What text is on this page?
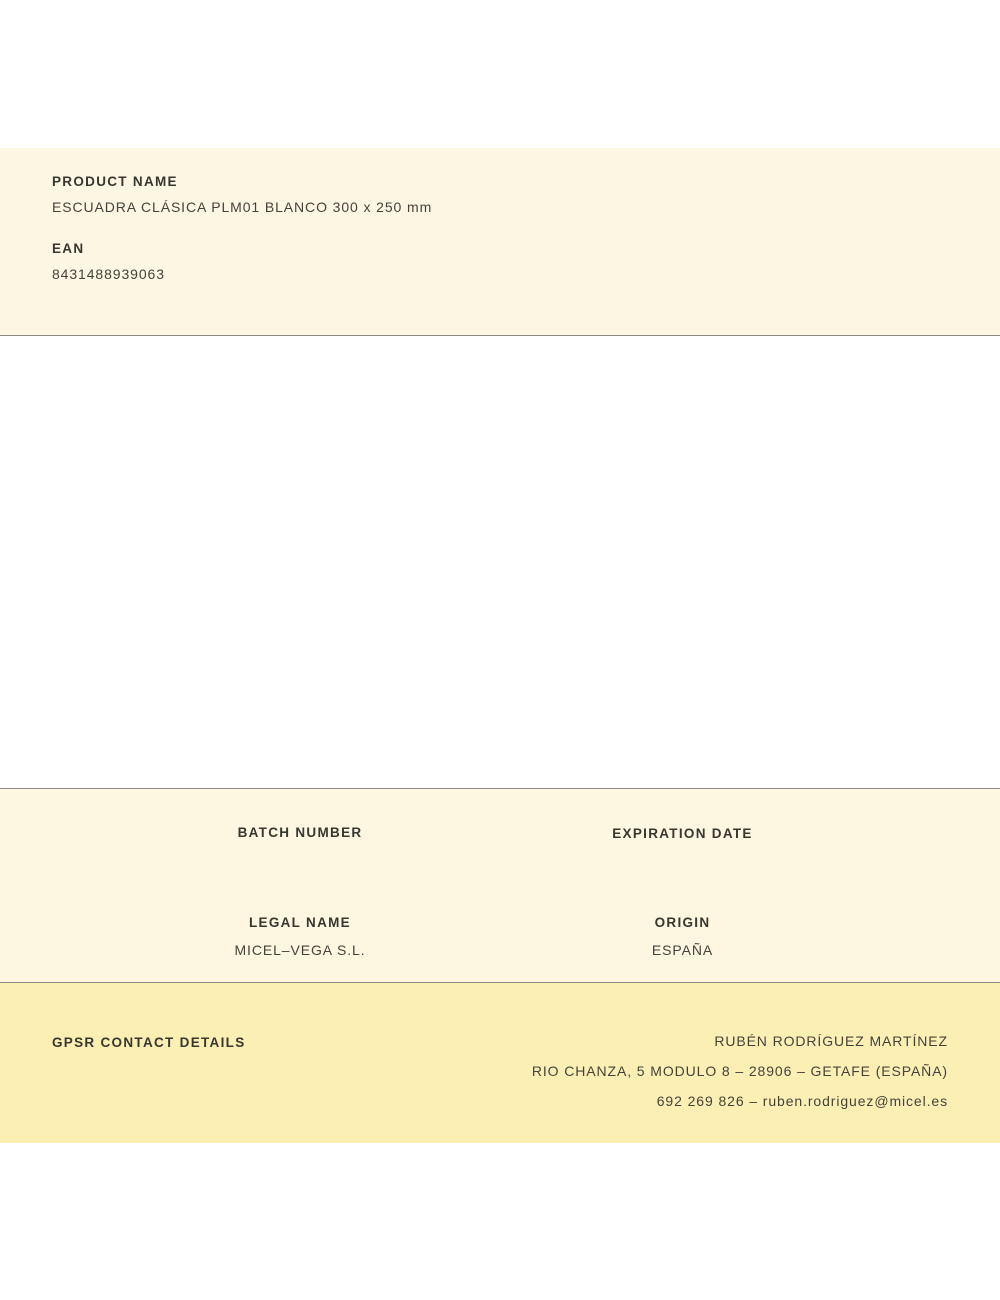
PRODUCT NAME

ESCUADRA CLÁSICA PLM01 BLANCO 300 x 250 mm

EAN

8431488939063

BATCH NUMBER	EXPIRATION DATE

LEGAL NAME

MICEL–VEGA S.L.

ORIGIN

ESPAÑA

GPSR CONTACT DETAILS	RUBÉN RODRÍGUEZ MARTÍNEZ

RIO CHANZA, 5 MODULO 8 – 28906 – GETAFE (ESPAÑA)

692 269 826 – ruben.rodriguez@micel.es
